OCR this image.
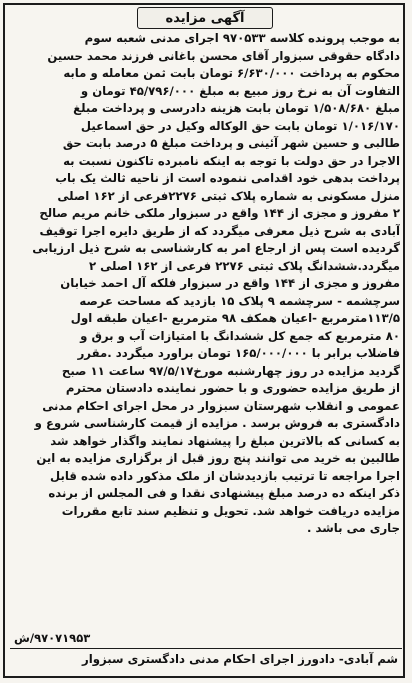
آگهی مزایده
به موجب پرونده کلاسه ۹۷۰۵۳۳ اجرای مدنی شعبه سوم
دادگاه حقوقی سبزوار آقای محسن باغانی فرزند محمد حسین
محکوم به پرداخت ۶/۶۳۰/۰۰۰ تومان بابت ثمن معامله و مابه
التفاوت آن به نرخ روز مبیع به مبلغ ۴۵/۷۹۶/۰۰۰ تومان و
مبلغ ۱/۵۰۸/۶۸۰ تومان بابت هزینه دادرسی و پرداخت مبلغ
۱/۰۱۶/۱۷۰ تومان بابت حق الوکاله وکیل در حق اسماعیل
طالبی و حسین شهر آئینی و پرداخت مبلغ ۵ درصد بابت حق
الاجرا در حق دولت با توجه به اینکه نامبرده تاکنون نسبت به
پرداخت بدهی خود اقدامی ننموده است از ناحیه ثالث یک باب
منزل مسکونی به شماره پلاک ثبتی ۲۲۷۶فرعی از ۱۶۲ اصلی
۲ مفروز و مجزی از ۱۴۴ واقع در سبزوار ملکی خانم مریم صالح
آبادی به شرح ذیل معرفی میگردد که از طریق دایره اجرا توقیف
گردیده است پس از ارجاع امر به کارشناسی به شرح ذیل ارزیابی
میگردد.ششدانگ پلاک ثبتی ۲۲۷۶ فرعی از ۱۶۲ اصلی ۲
مفروز و مجزی از ۱۴۴ واقع در سبزوار فلکه آل احمد خیابان
سرچشمه - سرچشمه ۹ پلاک ۱۵ بازدید که مساحت عرصه
۱۱۳/۵مترمربع -اعیان همکف ۹۸ مترمربع -اعیان طبقه اول
۸۰ مترمربع که جمع کل ششدانگ با امتیازات آب و برق و
فاضلاب برابر با ۱۶۵/۰۰۰/۰۰۰ تومان براورد میگردد .مقرر
گردید مزایده در روز چهارشنبه مورخ۹۷/۵/۱۷ ساعت ۱۱ صبح
از طریق مزایده حضوری و با حضور نماینده دادستان محترم
عمومی و انقلاب شهرستان سبزوار در محل اجرای احکام مدنی
دادگستری به فروش برسد . مزایده از قیمت کارشناسی شروع و
به کسانی که بالاترین مبلغ را پیشنهاد نمایند واگذار خواهد شد
طالبین به خرید می توانند پنج روز قبل از برگزاری مزایده به این
اجرا مراجعه تا ترتیب بازدیدشان از ملک مذکور داده شده قابل
ذکر اینکه ده درصد مبلغ پیشنهادی نقدا و فی المجلس از برنده
مزایده دریافت خواهد شد. تحویل و تنظیم سند تابع مقررات
جاری می باشد .
۹۷۰۷۱۹۵۳/ش
شم آبادی- دادورز اجرای احکام مدنی دادگستری سبزوار
